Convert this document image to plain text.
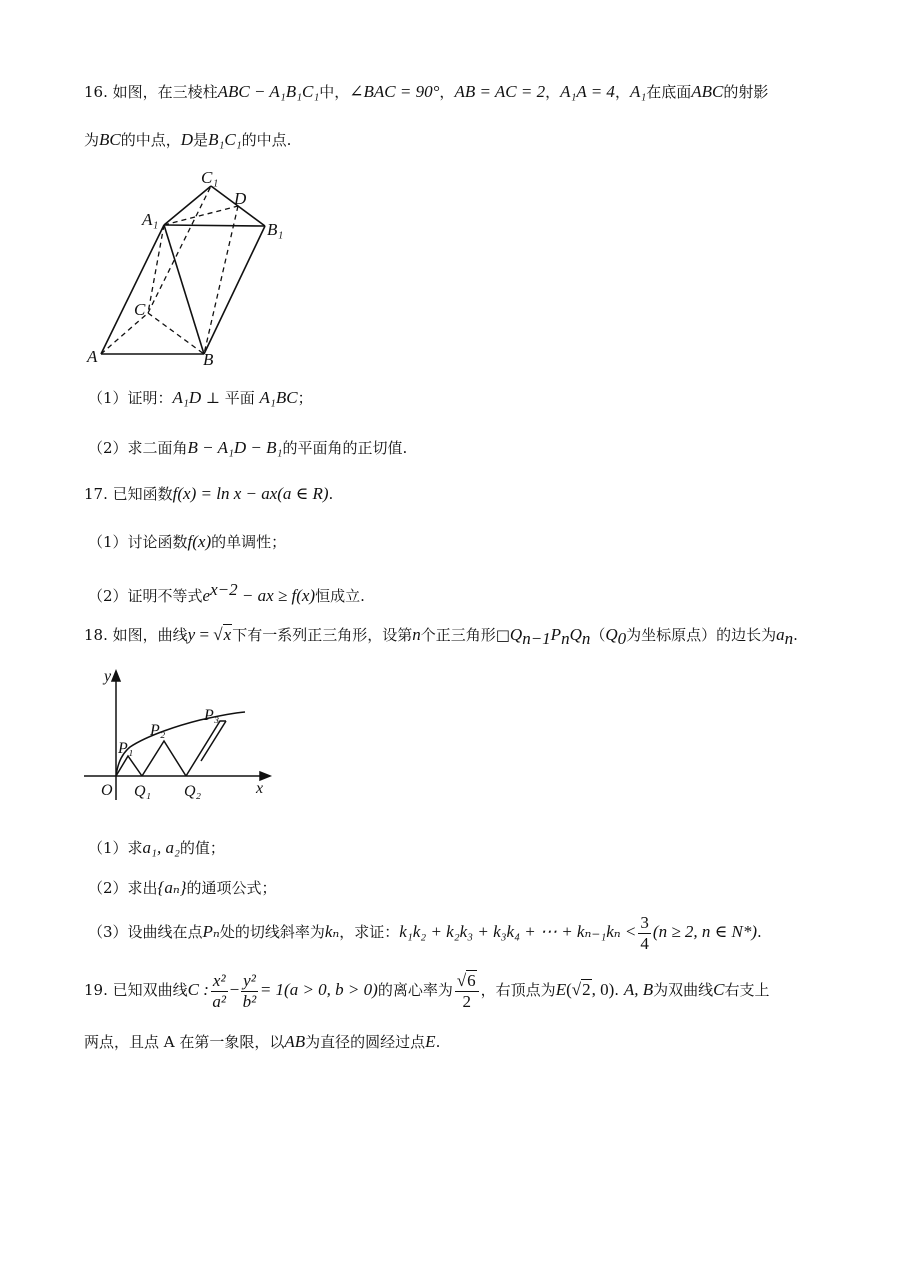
16. 如图，在三棱柱ABC − A₁B₁C₁中，∠BAC = 90°，AB = AC = 2，A₁A = 4，A₁在底面ABC的射影
为BC的中点，D是B₁C₁的中点.
C₁
D
A₁
B₁
C
A	B
（1）证明：A₁D ⊥ 平面 A₁BC；
（2）求二面角B − A₁D − B₁的平面角的正切值.
17. 已知函数f(x) = ln x − ax(a ∈ R).
（1）讨论函数f(x)的单调性；
（2）证明不等式$e^{x-2}$ − ax ≥ f(x)恒成立.
18. 如图，曲线y = √x下有一系列正三角形，设第n个正三角形$□Q_{n-1}P_nQ_n(Q_0$为坐标原点）的边长为$a_n$.
y
x
O
P₁
P₂
P₃
Q₁ Q₂
（1）求a₁, a₂的值；
（2）求出{aₙ}的通项公式；
（3）设曲线在点Pₙ处的切线斜率为kₙ，求证：k₁k₂ + k₂k₃ + k₃k₄ + ⋯ + $k_{n-1}k_n < \frac{3}{4} (n \ge 2$, n ∈ N*).
19. 已知双曲线C : $\frac{\text{x²}}{\text{a²}} - \frac{\text{y²}}{\text{b²}} = 1(a > 0$, b > 0)的离心率为 $\frac{√6}{2}$ ，右顶点为E(√2, 0). A, B为双曲线C右支上
两点，且点 A 在第一象限，以AB为直径的圆经过点E.
